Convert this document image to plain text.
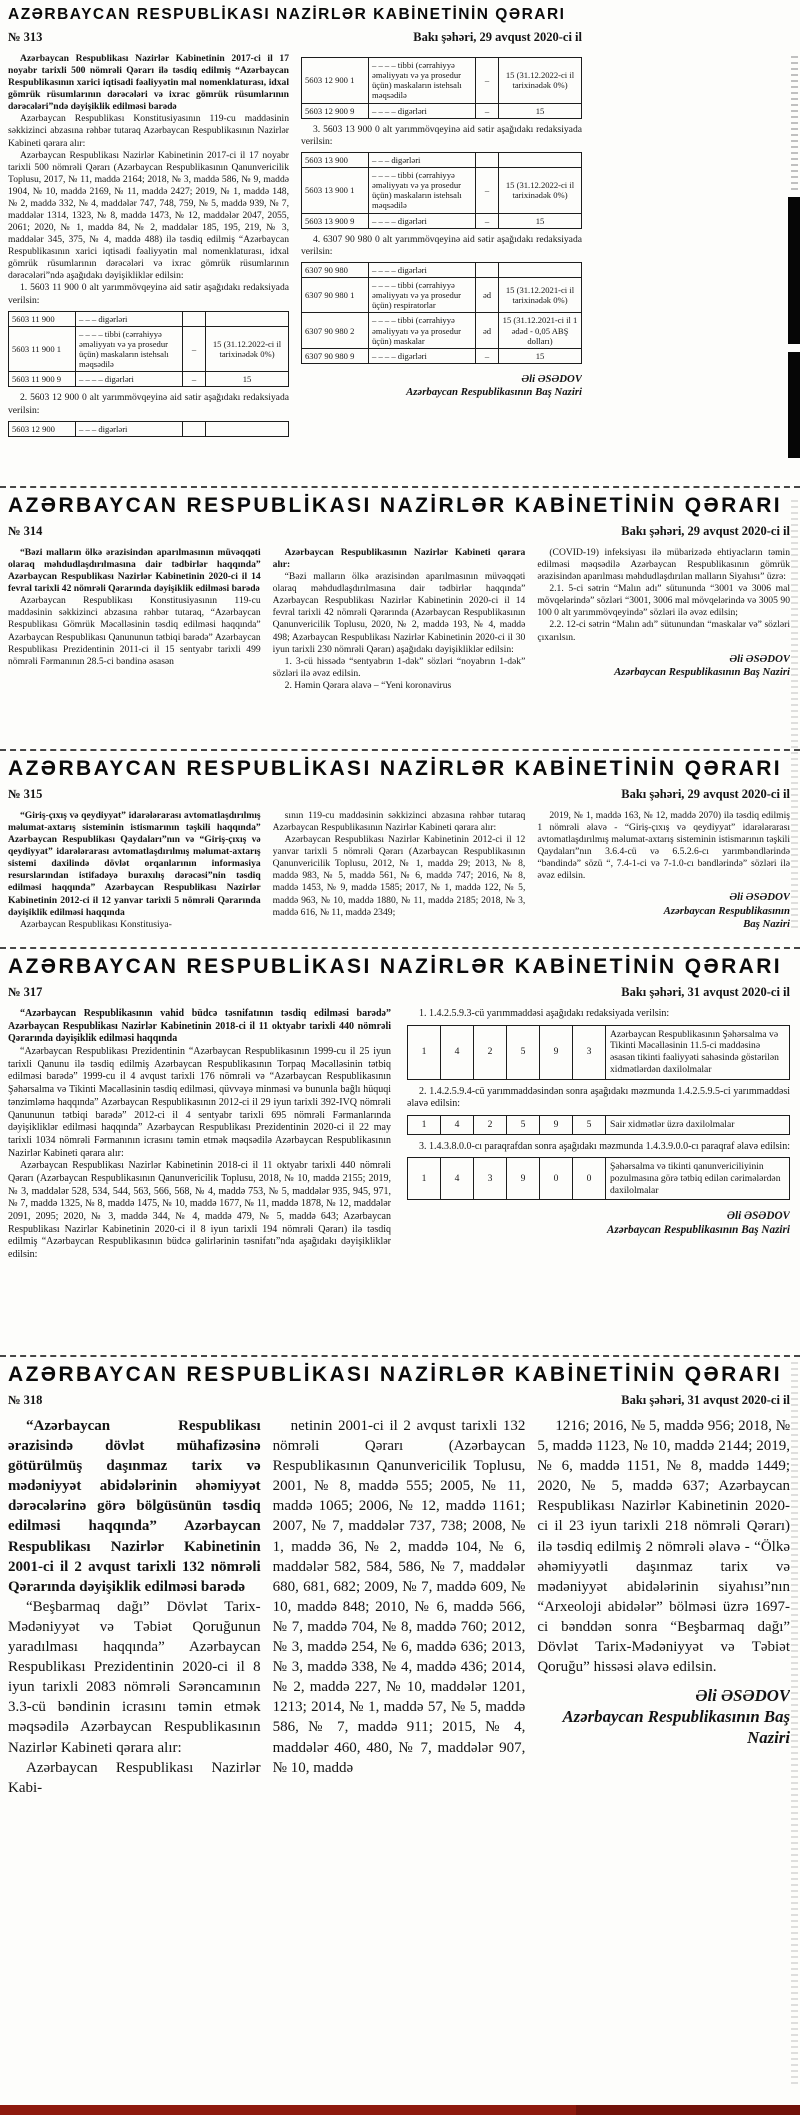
AZƏRBAYCAN RESPUBLİKASI NAZİRLƏR KABİNETİNİN QƏRARI
№ 313	Bakı şəhəri, 29 avqust 2020-ci il

Azərbaycan Respublikası Nazirlər Kabinetinin 2017-ci il 17 noyabr tarixli 500 nömrəli Qərarı ilə təsdiq edilmiş “Azərbaycan Respublikasının xarici iqtisadi fəaliyyətin mal nomenklaturası, idxal gömrük rüsumlarının dərəcələri və ixrac gömrük rüsumlarının dərəcələri”ndə dəyişiklik edilməsi barədə

Azərbaycan Respublikası Konstitusiyasının 119-cu maddəsinin səkkizinci abzasına rəhbər tutaraq Azərbaycan Respublikasının Nazirlər Kabineti qərara alır:

Azərbaycan Respublikası Nazirlər Kabinetinin 2017-ci il 17 noyabr tarixli 500 nömrəli Qərarı (Azərbaycan Respublikasının Qanunvericilik Toplusu, 2017, № 11, maddə 2164; 2018, № 3, maddə 586, № 9, maddə 1904, № 10, maddə 2169, № 11, maddə 2427; 2019, № 1, maddə 148, № 2, maddə 332, № 4, maddələr 747, 748, 759, № 5, maddə 939, № 7, maddələr 1314, 1323, № 8, maddə 1473, № 12, maddələr 2047, 2055, 2061; 2020, № 1, maddə 84, № 2, maddələr 185, 195, 219, № 3, maddələr 345, 375, № 4, maddə 488) ilə təsdiq edilmiş “Azərbaycan Respublikasının xarici iqtisadi fəaliyyətin mal nomenklaturası, idxal gömrük rüsumlarının dərəcələri və ixrac gömrük rüsumlarının dərəcələri”ndə aşağıdakı dəyişikliklər edilsin:

1. 5603 11 900 0 alt yarımmövqeyinə aid sətir aşağıdakı redaksiyada verilsin:

5603 11 900	– – – digərləri		
5603 11 900 1	– – – – tibbi (cərrahiyyə əməliyyatı və ya prosedur üçün) maskaların istehsalı məqsədilə	–	15 (31.12.2022-ci il tarixinədək 0%)
5603 11 900 9	– – – – digərləri	–	15

2. 5603 12 900 0 alt yarımmövqeyinə aid sətir aşağıdakı redaksiyada verilsin:

5603 12 900	– – – digərləri		
5603 12 900 1	– – – – tibbi (cərrahiyyə əməliyyatı və ya prosedur üçün) maskaların istehsalı məqsədilə	–	15 (31.12.2022-ci il tarixinədək 0%)
5603 12 900 9	– – – – digərləri	–	15

3. 5603 13 900 0 alt yarımmövqeyinə aid sətir aşağıdakı redaksiyada verilsin:

5603 13 900	– – – digərləri		
5603 13 900 1	– – – – tibbi (cərrahiyyə əməliyyatı və ya prosedur üçün) maskaların istehsalı məqsədilə	–	15 (31.12.2022-ci il tarixinədək 0%)
5603 13 900 9	– – – – digərləri	–	15

4. 6307 90 980 0 alt yarımmövqeyinə aid sətir aşağıdakı redaksiyada verilsin:

6307 90 980	– – – – digərləri		
6307 90 980 1	– – – – tibbi (cərrahiyyə əməliyyatı və ya prosedur üçün) respiratorlar	əd	15 (31.12.2021-ci il tarixinədək 0%)
6307 90 980 2	– – – – tibbi (cərrahiyyə əməliyyatı və ya prosedur üçün) maskalar	əd	15 (31.12.2021-ci il 1 ədəd - 0,05 ABŞ dolları)
6307 90 980 9	– – – – digərləri	–	15
Əli ƏSƏDOV
Azərbaycan Respublikasının Baş Naziri
AZƏRBAYCAN RESPUBLİKASI NAZİRLƏR KABİNETİNİN QƏRARI
№ 314	Bakı şəhəri, 29 avqust 2020-ci il

“Bəzi malların ölkə ərazisindən aparılmasının müvəqqəti olaraq məhdudlaşdırılmasına dair tədbirlər haqqında” Azərbaycan Respublikası Nazirlər Kabinetinin 2020-ci il 14 fevral tarixli 42 nömrəli Qərarında dəyişiklik edilməsi barədə

Azərbaycan Respublikası Konstitusiyasının 119-cu maddəsinin səkkizinci abzasına rəhbər tutaraq, “Azərbaycan Respublikası Gömrük Məcəlləsinin təsdiq edilməsi haqqında” Azərbaycan Respublikası Qanununun tətbiqi barədə” Azərbaycan Respublikası Prezidentinin 2011-ci il 15 sentyabr tarixli 499 nömrəli Fərmanının 28.5-ci bəndinə əsasən

Azərbaycan Respublikasının Nazirlər Kabineti qərara alır:

“Bəzi malların ölkə ərazisindən aparılmasının müvəqqəti olaraq məhdudlaşdırılmasına dair tədbirlər haqqında” Azərbaycan Respublikası Nazirlər Kabinetinin 2020-ci il 14 fevral tarixli 42 nömrəli Qərarında (Azərbaycan Respublikasının Qanunvericilik Toplusu, 2020, № 2, maddə 193, № 4, maddə 498; Azərbaycan Respublikası Nazirlər Kabinetinin 2020-ci il 30 iyun tarixli 230 nömrəli Qərarı) aşağıdakı dəyişikliklər edilsin:

1. 3-cü hissədə “sentyabrın 1-dək” sözləri “noyabrın 1-dək” sözləri ilə əvəz edilsin.

2. Həmin Qərara əlavə – “Yeni koronavirus

(COVID-19) infeksiyası ilə mübarizədə ehtiyacların təmin edilməsi məqsədilə Azərbaycan Respublikasının gömrük ərazisindən aparılması məhdudlaşdırılan malların Siyahısı” üzrə:

2.1. 5-ci sətrin “Malın adı” sütununda “3001 və 3006 mal mövqelərində” sözləri “3001, 3006 mal mövqelərində və 3005 90 100 0 alt yarımmövqeyində” sözləri ilə əvəz edilsin;

2.2. 12-ci sətrin “Malın adı” sütunundan “maskalar və” sözləri çıxarılsın.

Əli ƏSƏDOV
Azərbaycan Respublikasının Baş Naziri
AZƏRBAYCAN RESPUBLİKASI NAZİRLƏR KABİNETİNİN QƏRARI
№ 315	Bakı şəhəri, 29 avqust 2020-ci il

“Giriş-çıxış və qeydiyyat” idarələrarası avtomatlaşdırılmış məlumat-axtarış sisteminin istismarının təşkili haqqında” Azərbaycan Respublikası Qaydaları”nın və “Giriş-çıxış və qeydiyyat” idarələrarası avtomatlaşdırılmış məlumat-axtarış sistemi daxilində dövlət orqanlarının informasiya resurslarından istifadəyə buraxılış dərəcəsi”nin təsdiq edilməsi haqqında” Azərbaycan Respublikası Nazirlər Kabinetinin 2012-ci il 12 yanvar tarixli 5 nömrəli Qərarında dəyişiklik edilməsi haqqında

Azərbaycan Respublikası Konstitusiya-

sının 119-cu maddəsinin səkkizinci abzasına rəhbər tutaraq Azərbaycan Respublikasının Nazirlər Kabineti qərara alır:

Azərbaycan Respublikası Nazirlər Kabinetinin 2012-ci il 12 yanvar tarixli 5 nömrəli Qərarı (Azərbaycan Respublikasının Qanunvericilik Toplusu, 2012, № 1, maddə 29; 2013, № 8, maddə 983, № 5, maddə 561, № 6, maddə 747; 2016, № 8, maddə 1453, № 9, maddə 1585; 2017, № 1, maddə 122, № 5, maddə 963, № 10, maddə 1880, № 11, maddə 2185; 2018, № 3, maddə 616, № 11, maddə 2349;

2019, № 1, maddə 163, № 12, maddə 2070) ilə təsdiq edilmiş 1 nömrəli əlavə - “Giriş-çıxış və qeydiyyat” idarələrarası avtomatlaşdırılmış məlumat-axtarış sisteminin istismarının təşkili Qaydaları”nın 3.6.4-cü və 6.5.2.6-cı yarımbəndlərində “bəndində” sözü “, 7.4-1-ci və 7-1.0-cı bəndlərində” sözləri ilə əvəz edilsin.

Əli ƏSƏDOV
Azərbaycan Respublikasının
Baş Naziri
AZƏRBAYCAN RESPUBLİKASI NAZİRLƏR KABİNETİNİN QƏRARI
№ 317	Bakı şəhəri, 31 avqust 2020-ci il

“Azərbaycan Respublikasının vahid büdcə təsnifatının təsdiq edilməsi barədə” Azərbaycan Respublikası Nazirlər Kabinetinin 2018-ci il 11 oktyabr tarixli 440 nömrəli Qərarında dəyişiklik edilməsi haqqında

“Azərbaycan Respublikası Prezidentinin “Azərbaycan Respublikasının 1999-cu il 25 iyun tarixli Qanunu ilə təsdiq edilmiş Azərbaycan Respublikasının Torpaq Məcəlləsinin tətbiq edilməsi barədə” 1999-cu il 4 avqust tarixli 176 nömrəli və “Azərbaycan Respublikasının Şəhərsalma və Tikinti Məcəlləsinin təsdiq edilməsi, qüvvəyə minməsi və bununla bağlı hüquqi tənzimləmə haqqında” Azərbaycan Respublikasının 2012-ci il 29 iyun tarixli 392-IVQ nömrəli Qanununun tətbiqi barədə” 2012-ci il 4 sentyabr tarixli 695 nömrəli Fərmanlarında dəyişikliklər edilməsi haqqında” Azərbaycan Respublikası Prezidentinin 2020-ci il 22 may tarixli 1034 nömrəli Fərmanının icrasını təmin etmək məqsədilə Azərbaycan Respublikasının Nazirlər Kabineti qərara alır:

Azərbaycan Respublikası Nazirlər Kabinetinin 2018-ci il 11 oktyabr tarixli 440 nömrəli Qərarı (Azərbaycan Respublikasının Qanunvericilik Toplusu, 2018, № 10, maddə 2155; 2019, № 3, maddələr 528, 534, 544, 563, 566, 568, № 4, maddə 753, № 5, maddələr 935, 945, 971, № 7, maddə 1325, № 8, maddə 1475, № 10, maddə 1677, № 11, maddə 1878, № 12, maddələr 2091, 2095; 2020, № 3, maddə 344, № 4, maddə 479, № 5, maddə 643; Azərbaycan Respublikası Nazirlər Kabinetinin 2020-ci il 8 iyun tarixli 194 nömrəli Qərarı) ilə təsdiq edilmiş “Azərbaycan Respublikasının büdcə gəlirlərinin təsnifatı”nda aşağıdakı dəyişikliklər edilsin:

1. 1.4.2.5.9.3-cü yarımmaddəsi aşağıdakı redaksiyada verilsin:

1	4	2	5	9	3	Azərbaycan Respublikasının Şəhərsalma və Tikinti Məcəlləsinin 11.5-ci maddəsinə əsasən tikinti fəaliyyəti sahəsində göstərilən xidmətlərdən daxilolmalar

2. 1.4.2.5.9.4-cü yarımmaddəsindən sonra aşağıdakı məzmunda 1.4.2.5.9.5-ci yarımmaddəsi əlavə edilsin:

1	4	2	5	9	5	Sair xidmətlər üzrə daxilolmalar

3. 1.4.3.8.0.0-cı paraqrafdan sonra aşağıdakı məzmunda 1.4.3.9.0.0-cı paraqraf əlavə edilsin:

1	4	3	9	0	0	Şəhərsalma və tikinti qanunvericiliyinin pozulmasına görə tətbiq edilən cərimələrdən daxilolmalar
Əli ƏSƏDOV
Azərbaycan Respublikasının Baş Naziri
AZƏRBAYCAN RESPUBLİKASI NAZİRLƏR KABİNETİNİN QƏRARI
№ 318	Bakı şəhəri, 31 avqust 2020-ci il

“Azərbaycan Respublikası ərazisində dövlət mühafizəsinə götürülmüş daşınmaz tarix və mədəniyyət abidələrinin əhəmiyyət dərəcələrinə görə bölgüsünün təsdiq edilməsi haqqında” Azərbaycan Respublikası Nazirlər Kabinetinin 2001-ci il 2 avqust tarixli 132 nömrəli Qərarında dəyişiklik edilməsi barədə

“Beşbarmaq dağı” Dövlət Tarix-Mədəniyyət və Təbiət Qoruğunun yaradılması haqqında” Azərbaycan Respublikası Prezidentinin 2020-ci il 8 iyun tarixli 2083 nömrəli Sərəncamının 3.3-cü bəndinin icrasını təmin etmək məqsədilə Azərbaycan Respublikasının Nazirlər Kabineti qərara alır:

Azərbaycan Respublikası Nazirlər Kabi-

netinin 2001-ci il 2 avqust tarixli 132 nömrəli Qərarı (Azərbaycan Respublikasının Qanunvericilik Toplusu, 2001, № 8, maddə 555; 2005, № 11, maddə 1065; 2006, № 12, maddə 1161; 2007, № 7, maddələr 737, 738; 2008, № 1, maddə 36, № 2, maddə 104, № 6, maddələr 582, 584, 586, № 7, maddələr 680, 681, 682; 2009, № 7, maddə 609, № 10, maddə 848; 2010, № 6, maddə 566, № 7, maddə 704, № 8, maddə 760; 2012, № 3, maddə 254, № 6, maddə 636; 2013, № 3, maddə 338, № 4, maddə 436; 2014, № 2, maddə 227, № 10, maddələr 1201, 1213; 2014, № 1, maddə 57, № 5, maddə 586, № 7, maddə 911; 2015, № 4, maddələr 460, 480, № 7, maddələr 907, № 10, maddə

1216; 2016, № 5, maddə 956; 2018, № 5, maddə 1123, № 10, maddə 2144; 2019, № 6, maddə 1151, № 8, maddə 1449; 2020, № 5, maddə 637; Azərbaycan Respublikası Nazirlər Kabinetinin 2020-ci il 23 iyun tarixli 218 nömrəli Qərarı) ilə təsdiq edilmiş 2 nömrəli əlavə - “Ölkə əhəmiyyətli daşınmaz tarix və mədəniyyət abidələrinin siyahısı”nın “Arxeoloji abidələr” bölməsi üzrə 1697-ci bənddən sonra “Beşbarmaq dağı” Dövlət Tarix-Mədəniyyət və Təbiət Qoruğu” hissəsi əlavə edilsin.

Əli ƏSƏDOV
Azərbaycan Respublikasının Baş Naziri
